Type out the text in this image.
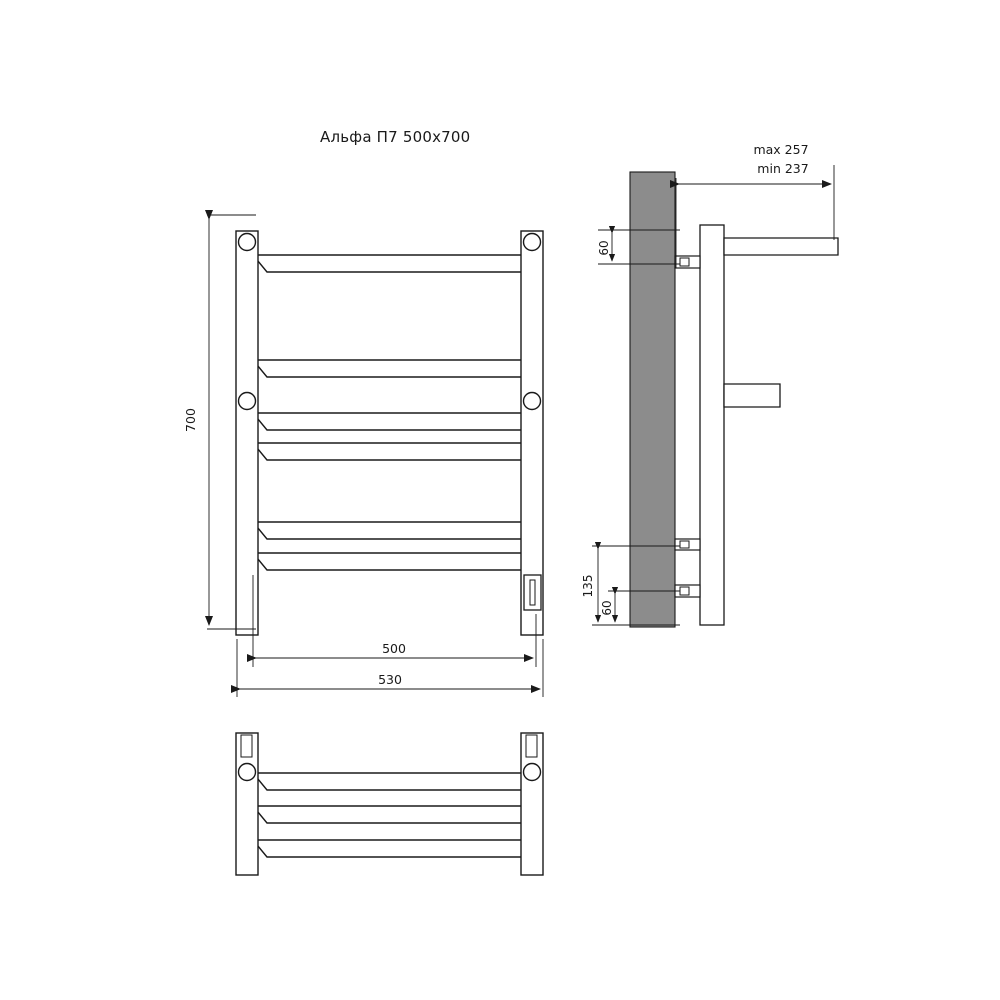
Альфа П7 500x700
700
500
530
max 257
min 237
60
135
60
